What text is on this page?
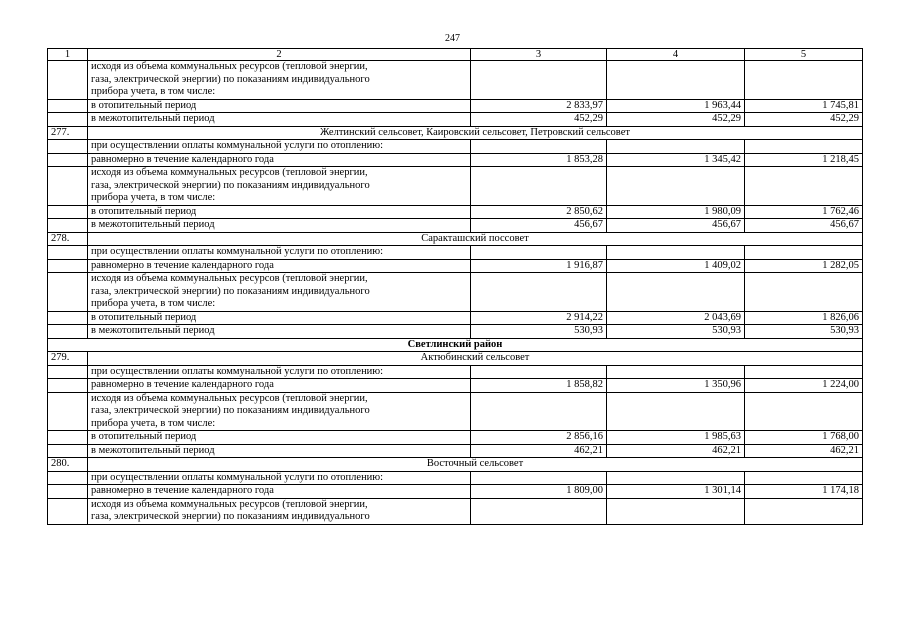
247
1	2	3	4	5
	исходя из объема коммунальных ресурсов (тепловой энергии,
газа, электрической энергии) по показаниям индивидуального
прибора учета, в том числе:			
	в отопительный период	2 833,97	1 963,44	1 745,81
	в межотопительный период	452,29	452,29	452,29
277.	Желтинский сельсовет, Каировский сельсовет, Петровский сельсовет			
	при осуществлении оплаты коммунальной услуги по отоплению:			
	равномерно в течение календарного года	1 853,28	1 345,42	1 218,45
	исходя из объема коммунальных ресурсов (тепловой энергии,
газа, электрической энергии) по показаниям индивидуального
прибора учета, в том числе:			
	в отопительный период	2 850,62	1 980,09	1 762,46
	в межотопительный период	456,67	456,67	456,67
278.	Саракташский поссовет			
	при осуществлении оплаты коммунальной услуги по отоплению:			
	равномерно в течение календарного года	1 916,87	1 409,02	1 282,05
	исходя из объема коммунальных ресурсов (тепловой энергии,
газа, электрической энергии) по показаниям индивидуального
прибора учета, в том числе:			
	в отопительный период	2 914,22	2 043,69	1 826,06
	в межотопительный период	530,93	530,93	530,93
Светлинский район				
279.	Актюбинский сельсовет			
	при осуществлении оплаты коммунальной услуги по отоплению:			
	равномерно в течение календарного года	1 858,82	1 350,96	1 224,00
	исходя из объема коммунальных ресурсов (тепловой энергии,
газа, электрической энергии) по показаниям индивидуального
прибора учета, в том числе:			
	в отопительный период	2 856,16	1 985,63	1 768,00
	в межотопительный период	462,21	462,21	462,21
280.	Восточный сельсовет			
	при осуществлении оплаты коммунальной услуги по отоплению:			
	равномерно в течение календарного года	1 809,00	1 301,14	1 174,18
	исходя из объема коммунальных ресурсов (тепловой энергии,
газа, электрической энергии) по показаниям индивидуального			
